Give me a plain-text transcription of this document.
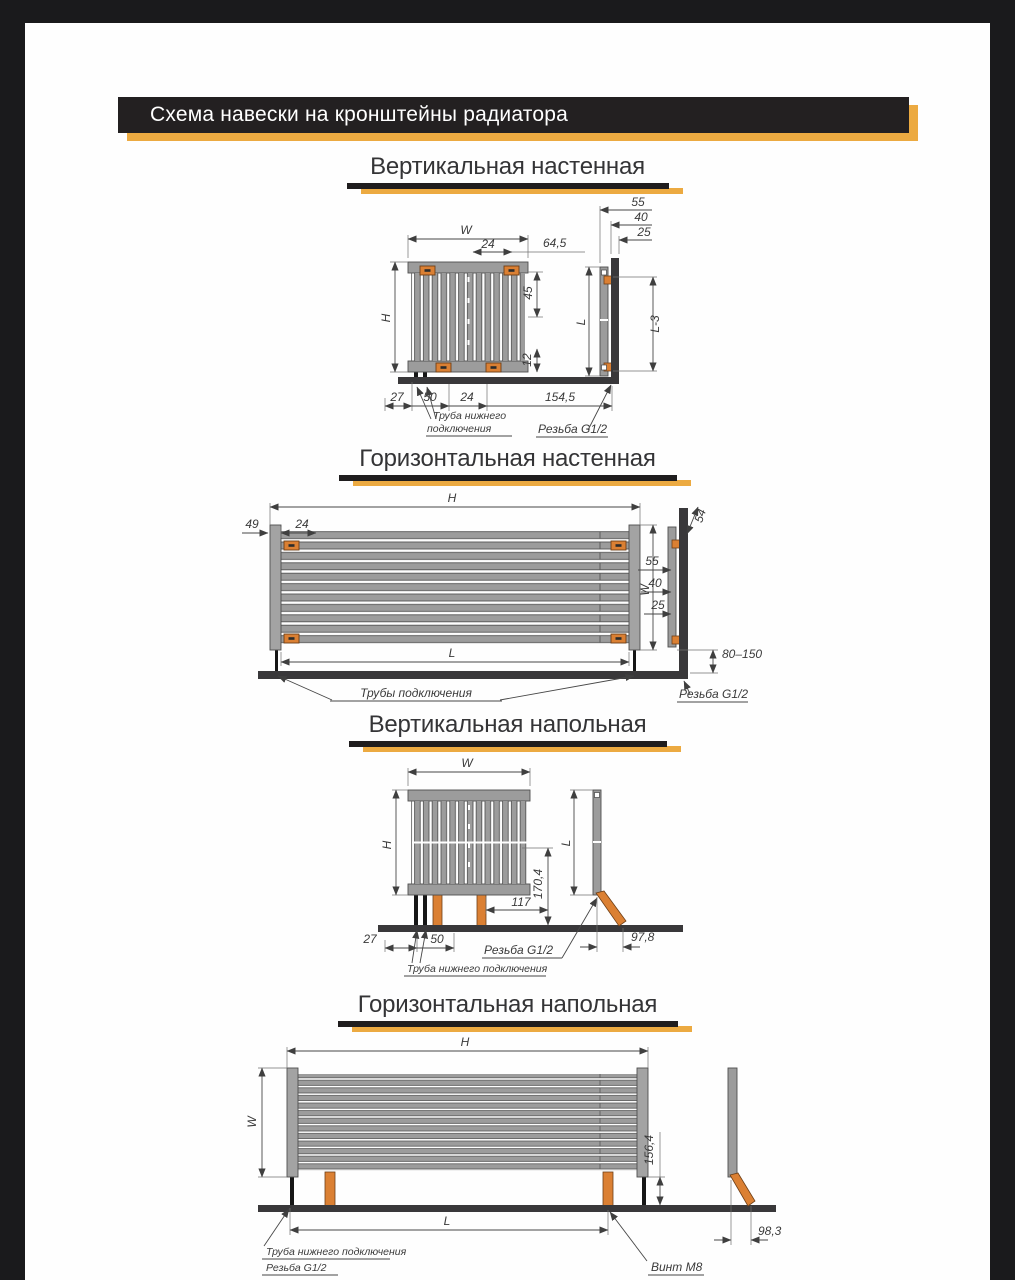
Схема навески на кронштейны радиатора
Вертикальная настенная
W
24	64,5
H
45
12
55
40
25
L	L-3
27 50 24	154,5
Труба нижнего
подключения	Резьба G1/2
Горизонтальная настенная
H
49	24
W
54
55
40
25
80–150
L
Трубы подключения	Резьба G1/2
Вертикальная напольная
W
H
170,4
117
27	50
Резьба G1/2
Труба нижнего подключения
L
97,8
Горизонтальная напольная
H
W
156,4
L
Винт М8
98,3
Труба нижнего подключения
Резьба G1/2
